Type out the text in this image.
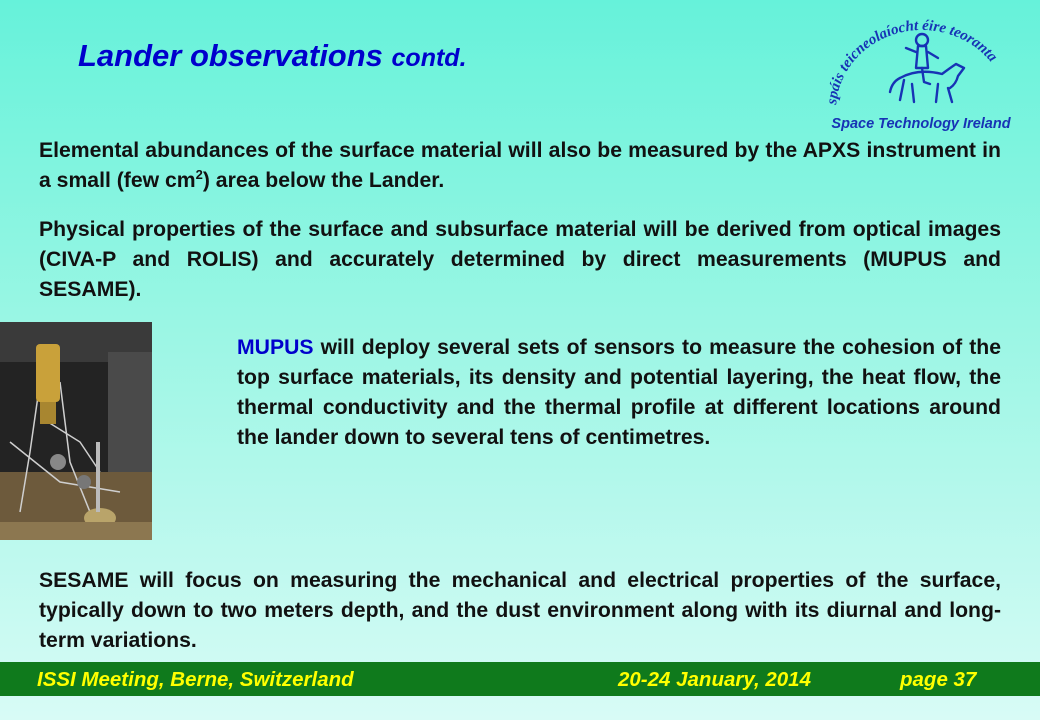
Lander observations contd.
spáis teicneolaíocht éire teoranta
Space Technology Ireland
Elemental abundances of the surface material will also be measured by the APXS instrument in a small (few $cm^2$) area below the Lander.
Physical properties of the surface and subsurface material will be derived from optical images (CIVA-P and ROLIS) and accurately determined by direct measurements (MUPUS and SESAME).
MUPUS will deploy several sets of sensors to measure the cohesion of the top surface materials, its density and potential layering, the heat flow, the thermal conductivity and the thermal profile at different locations around the lander down to several tens of centimetres.
SESAME will focus on measuring the mechanical and electrical properties of the surface, typically down to two meters depth, and the dust environment along with its diurnal and long-term variations.
ISSI Meeting, Berne, Switzerland	20-24 January, 2014	page 37
